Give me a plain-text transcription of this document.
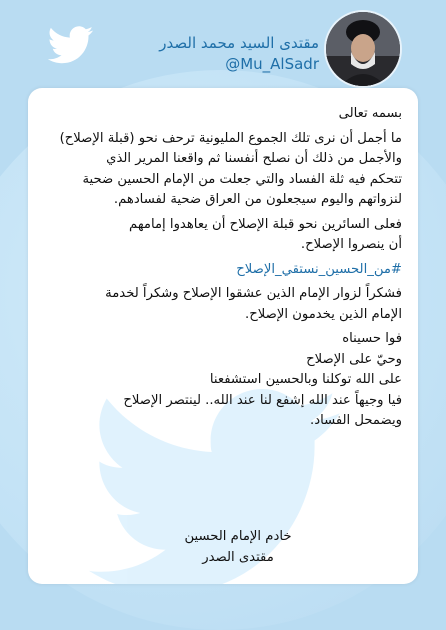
مقتدى السيد محمد الصدر
@Mu_AlSadr

بسمه تعالى

ما أجمل أن نرى تلك الجموع المليونية ترحف نحو (قبلة الإصلاح)
والأجمل من ذلك أن نصلح أنفسنا ثم واقعنا المرير الذي
تتحكم فيه ثلة الفساد والتي جعلت من الإمام الحسين ضحية
لنزواتهم واليوم سيجعلون من العراق ضحية لفسادهم.

فعلى السائرين نحو قبلة الإصلاح أن يعاهدوا إمامهم
أن ينصروا الإصلاح.

#من_الحسين_نستقي_الإصلاح

فشكراً لزوار الإمام الذين عشقوا الإصلاح وشكراً لخدمة
الإمام الذين يخدمون الإصلاح.

فوا حسيناه
وحيّ على الإصلاح
على الله توكلنا وبالحسين استشفعنا
فيا وجيهاً عند الله إشفع لنا عند الله.. لينتصر الإصلاح
ويضمحل الفساد.

خادم الإمام الحسين
مقتدى الصدر
